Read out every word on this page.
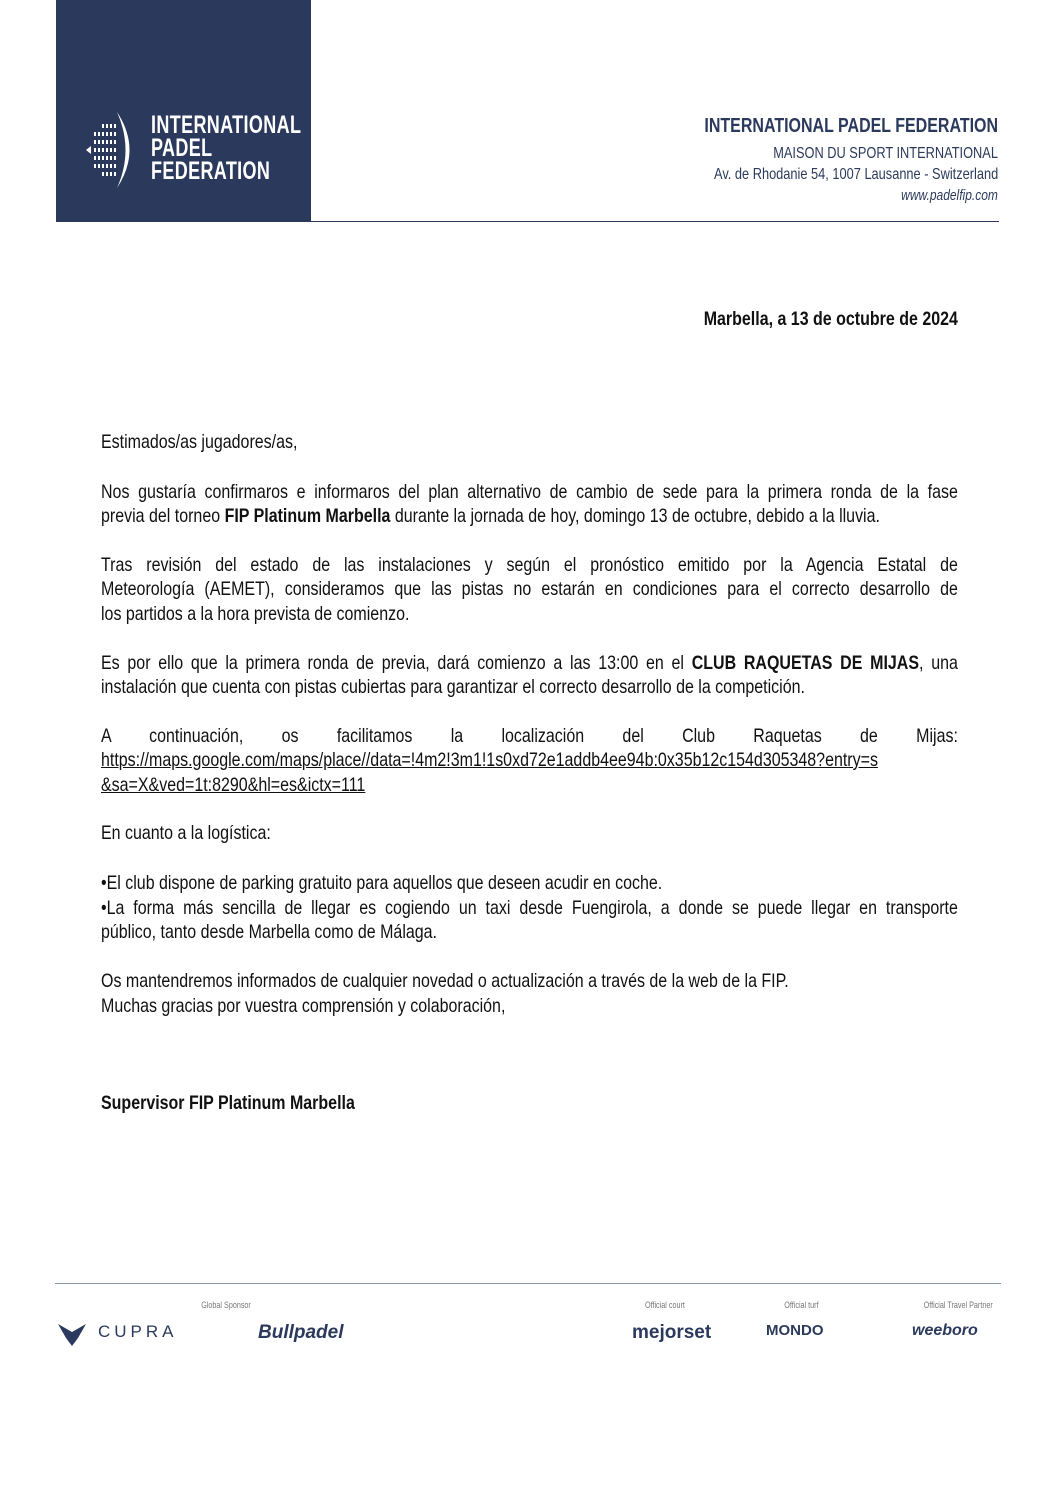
INTERNATIONAL
PADEL
FEDERATION
INTERNATIONAL PADEL FEDERATION
MAISON DU SPORT INTERNATIONAL
Av. de Rhodanie 54, 1007 Lausanne - Switzerland
www.padelfip.com
Marbella, a 13 de octubre de 2024
Estimados/as jugadores/as,
Nos gustaría confirmaros e informaros del plan alternativo de cambio de sede para la primera ronda de la fase
previa del torneo FIP Platinum Marbella durante la jornada de hoy, domingo 13 de octubre, debido a la lluvia.
Tras revisión del estado de las instalaciones y según el pronóstico emitido por la Agencia Estatal de
Meteorología (AEMET), consideramos que las pistas no estarán en condiciones para el correcto desarrollo de
los partidos a la hora prevista de comienzo.
Es por ello que la primera ronda de previa, dará comienzo a las 13:00 en el CLUB RAQUETAS DE MIJAS, una
instalación que cuenta con pistas cubiertas para garantizar el correcto desarrollo de la competición.
A continuación, os facilitamos la localización del Club Raquetas de Mijas:
https://maps.google.com/maps/place//data=!4m2!3m1!1s0xd72e1addb4ee94b:0x35b12c154d305348?entry=s
&sa=X&ved=1t:8290&hl=es&ictx=111
En cuanto a la logística:
•El club dispone de parking gratuito para aquellos que deseen acudir en coche.
•La forma más sencilla de llegar es cogiendo un taxi desde Fuengirola, a donde se puede llegar en transporte
público, tanto desde Marbella como de Málaga.
Os mantendremos informados de cualquier novedad o actualización a través de la web de la FIP.
Muchas gracias por vuestra comprensión y colaboración,
Supervisor FIP Platinum Marbella
Global Sponsor	Official court	Official turf	Official Travel Partner
CUPRA	Bullpadel	mejorset	MONDO	weeboro
